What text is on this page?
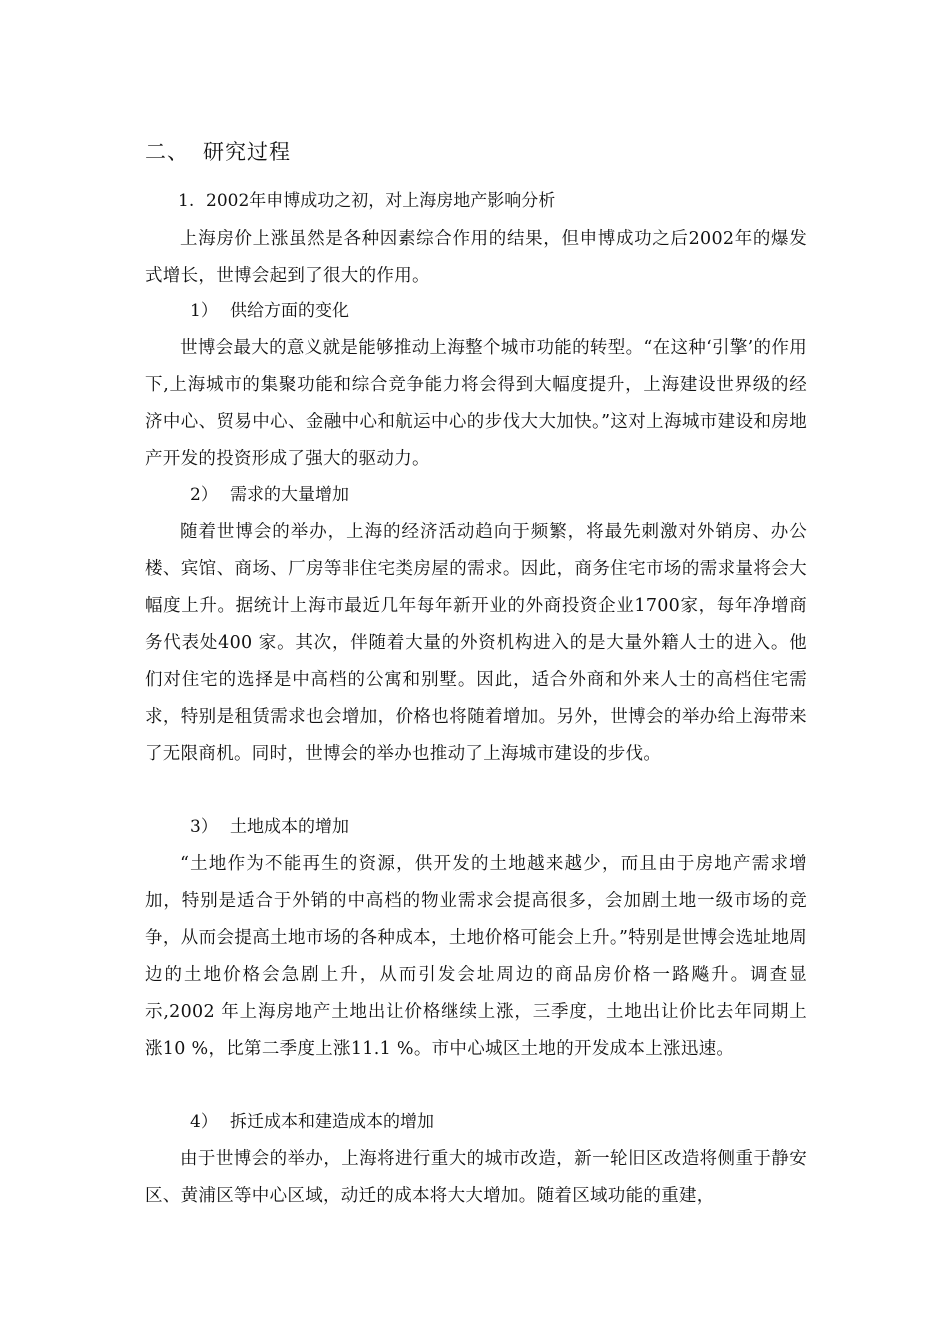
二、 研究过程
1. 2002年申博成功之初，对上海房地产影响分析
上海房价上涨虽然是各种因素综合作用的结果，但申博成功之后2002年的爆发式增长，世博会起到了很大的作用。
1） 供给方面的变化
世博会最大的意义就是能够推动上海整个城市功能的转型。“在这种‘引擎’的作用下,上海城市的集聚功能和综合竞争能力将会得到大幅度提升，上海建设世界级的经济中心、贸易中心、金融中心和航运中心的步伐大大加快。”这对上海城市建设和房地产开发的投资形成了强大的驱动力。
2） 需求的大量增加
随着世博会的举办，上海的经济活动趋向于频繁，将最先刺激对外销房、办公楼、宾馆、商场、厂房等非住宅类房屋的需求。因此，商务住宅市场的需求量将会大幅度上升。据统计上海市最近几年每年新开业的外商投资企业1700家，每年净增商务代表处400 家。其次，伴随着大量的外资机构进入的是大量外籍人士的进入。他们对住宅的选择是中高档的公寓和别墅。因此，适合外商和外来人士的高档住宅需求，特别是租赁需求也会增加，价格也将随着增加。另外，世博会的举办给上海带来了无限商机。同时，世博会的举办也推动了上海城市建设的步伐。
3） 土地成本的增加
“土地作为不能再生的资源，供开发的土地越来越少，而且由于房地产需求增加，特别是适合于外销的中高档的物业需求会提高很多，会加剧土地一级市场的竞争，从而会提高土地市场的各种成本，土地价格可能会上升。”特别是世博会选址地周边的土地价格会急剧上升，从而引发会址周边的商品房价格一路飚升。调查显示,2002 年上海房地产土地出让价格继续上涨，三季度，土地出让价比去年同期上涨10 %，比第二季度上涨11.1 %。市中心城区土地的开发成本上涨迅速。
4） 拆迁成本和建造成本的增加
由于世博会的举办，上海将进行重大的城市改造，新一轮旧区改造将侧重于静安区、黄浦区等中心区域，动迁的成本将大大增加。随着区域功能的重建，
